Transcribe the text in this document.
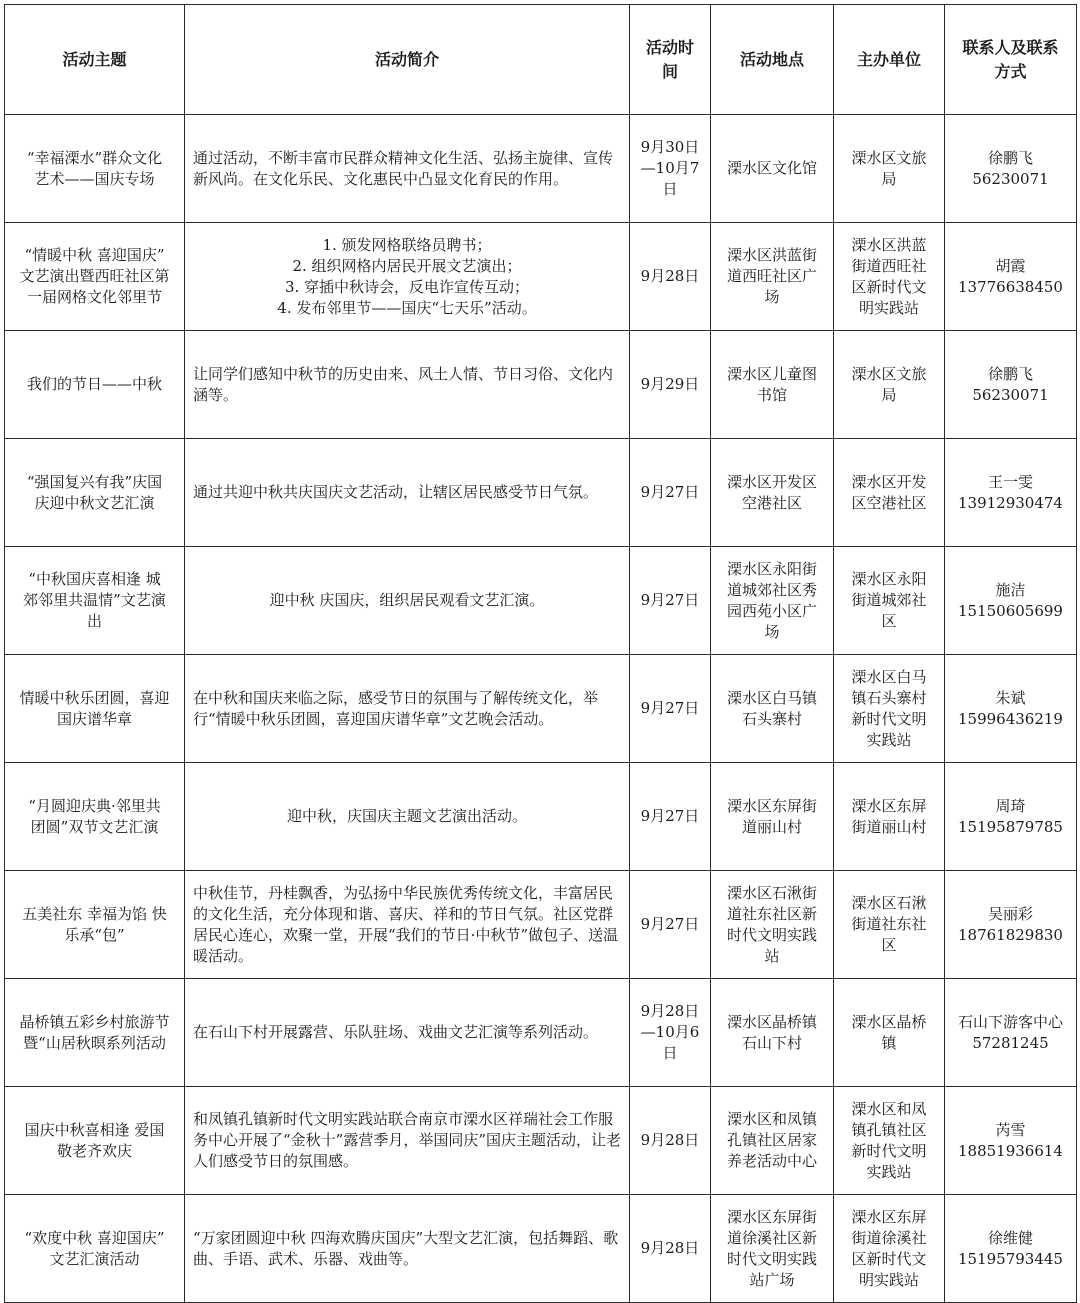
活动主题	活动简介	活动时
间	活动地点	主办单位	联系人及联系
方式
“幸福溧水”群众文化
艺术——国庆专场	通过活动，不断丰富市民群众精神文化生活、弘扬主旋律、宣传新风尚。在文化乐民、文化惠民中凸显文化育民的作用。	9月30日
—10月7
日	溧水区文化馆	溧水区文旅
局	徐鹏飞
56230071
“情暖中秋 喜迎国庆”
文艺演出暨西旺社区第
一届网格文化邻里节	1. 颁发网格联络员聘书；
2. 组织网格内居民开展文艺演出；
3. 穿插中秋诗会，反电诈宣传互动；
4. 发布邻里节——国庆“七天乐”活动。	9月28日	溧水区洪蓝街
道西旺社区广
场	溧水区洪蓝
街道西旺社
区新时代文
明实践站	胡霞
13776638450
我们的节日——中秋	让同学们感知中秋节的历史由来、风土人情、节日习俗、文化内涵等。	9月29日	溧水区儿童图
书馆	溧水区文旅
局	徐鹏飞
56230071
“强国复兴有我”庆国
庆迎中秋文艺汇演	通过共迎中秋共庆国庆文艺活动，让辖区居民感受节日气氛。	9月27日	溧水区开发区
空港社区	溧水区开发
区空港社区	王一雯
13912930474
“中秋国庆喜相逢 城
郊邻里共温情”文艺演
出	迎中秋 庆国庆，组织居民观看文艺汇演。	9月27日	溧水区永阳街
道城郊社区秀
园西苑小区广
场	溧水区永阳
街道城郊社
区	施洁
15150605699
情暖中秋乐团圆，喜迎
国庆谱华章	在中秋和国庆来临之际，感受节日的氛围与了解传统文化，举行“情暖中秋乐团圆，喜迎国庆谱华章”文艺晚会活动。	9月27日	溧水区白马镇
石头寨村	溧水区白马
镇石头寨村
新时代文明
实践站	朱斌
15996436219
“月圆迎庆典·邻里共
团圆”双节文艺汇演	迎中秋，庆国庆主题文艺演出活动。	9月27日	溧水区东屏街
道丽山村	溧水区东屏
街道丽山村	周琦
15195879785
五美社东 幸福为馅 快
乐承“包”	中秋佳节，丹桂飘香，为弘扬中华民族优秀传统文化，丰富居民的文化生活，充分体现和谐、喜庆、祥和的节日气氛。社区党群居民心连心，欢聚一堂，开展“我们的节日·中秋节”做包子、送温暖活动。	9月27日	溧水区石湫街
道社东社区新
时代文明实践
站	溧水区石湫
街道社东社
区	吴丽彩
18761829830
晶桥镇五彩乡村旅游节
暨“山居秋暝系列活动	在石山下村开展露营、乐队驻场、戏曲文艺汇演等系列活动。	9月28日
—10月6
日	溧水区晶桥镇
石山下村	溧水区晶桥
镇	石山下游客中心
57281245
国庆中秋喜相逢 爱国
敬老齐欢庆	和凤镇孔镇新时代文明实践站联合南京市溧水区祥瑞社会工作服务中心开展了“金秋十”露营季月，举国同庆”国庆主题活动，让老人们感受节日的氛围感。	9月28日	溧水区和凤镇
孔镇社区居家
养老活动中心	溧水区和凤
镇孔镇社区
新时代文明
实践站	芮雪
18851936614
“欢度中秋 喜迎国庆”
文艺汇演活动	“万家团圆迎中秋 四海欢腾庆国庆”大型文艺汇演，包括舞蹈、歌曲、手语、武术、乐器、戏曲等。	9月28日	溧水区东屏街
道徐溪社区新
时代文明实践
站广场	溧水区东屏
街道徐溪社
区新时代文
明实践站	徐维健
15195793445
